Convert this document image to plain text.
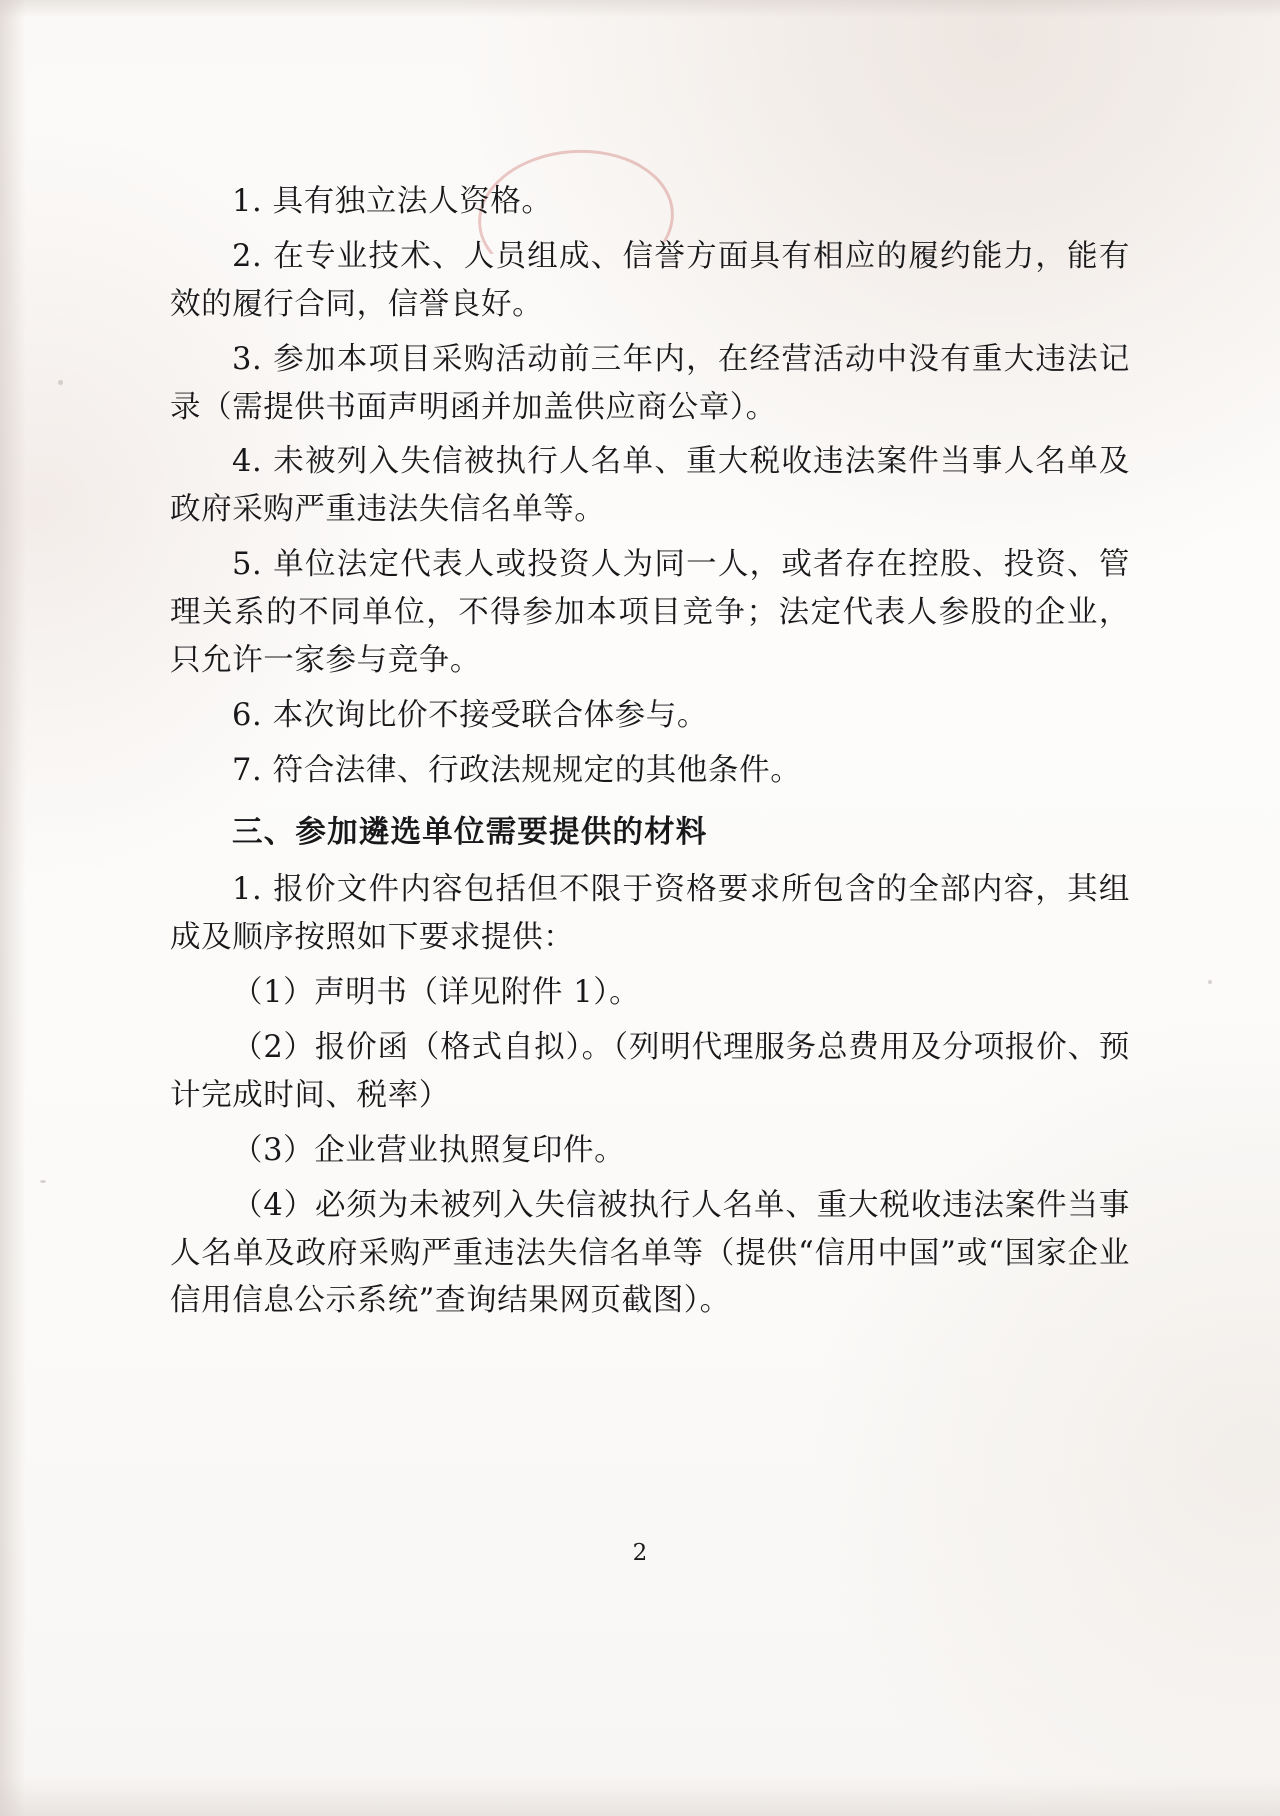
1. 具有独立法人资格。

2. 在专业技术、人员组成、信誉方面具有相应的履约能力，能有效的履行合同，信誉良好。

3. 参加本项目采购活动前三年内，在经营活动中没有重大违法记录（需提供书面声明函并加盖供应商公章）。

4. 未被列入失信被执行人名单、重大税收违法案件当事人名单及政府采购严重违法失信名单等。

5. 单位法定代表人或投资人为同一人，或者存在控股、投资、管理关系的不同单位，不得参加本项目竞争；法定代表人参股的企业，只允许一家参与竞争。

6. 本次询比价不接受联合体参与。

7. 符合法律、行政法规规定的其他条件。

三、参加遴选单位需要提供的材料

1. 报价文件内容包括但不限于资格要求所包含的全部内容，其组成及顺序按照如下要求提供：

（1）声明书（详见附件 1）。

（2）报价函（格式自拟）。（列明代理服务总费用及分项报价、预计完成时间、税率）

（3）企业营业执照复印件。

（4）必须为未被列入失信被执行人名单、重大税收违法案件当事人名单及政府采购严重违法失信名单等（提供“信用中国”或“国家企业信用信息公示系统”查询结果网页截图）。

2
